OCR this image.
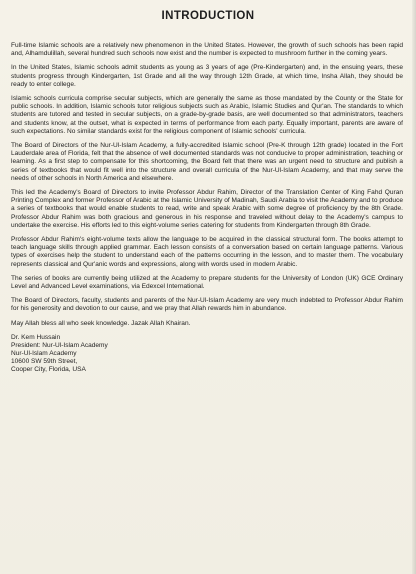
INTRODUCTION

Full-time Islamic schools are a relatively new phenomenon in the United States. However, the growth of such schools has been rapid and, Alhamdulillah, several hundred such schools now exist and the number is expected to mushroom further in the coming years.

In the United States, Islamic schools admit students as young as 3 years of age (Pre-Kindergarten) and, in the ensuing years, these students progress through Kindergarten, 1st Grade and all the way through 12th Grade, at which time, Insha Allah, they should be ready to enter college.

Islamic schools curricula comprise secular subjects, which are generally the same as those mandated by the County or the State for public schools. In addition, Islamic schools tutor religious subjects such as Arabic, Islamic Studies and Qur'an. The standards to which students are tutored and tested in secular subjects, on a grade-by-grade basis, are well documented so that administrators, teachers and students know, at the outset, what is expected in terms of performance from each party. Equally important, parents are aware of such expectations. No similar standards exist for the religious component of Islamic schools' curricula.

The Board of Directors of the Nur-Ul-Islam Academy, a fully-accredited Islamic school (Pre-K through 12th grade) located in the Fort Lauderdale area of Florida, felt that the absence of well documented standards was not conducive to proper administration, teaching or learning. As a first step to compensate for this shortcoming, the Board felt that there was an urgent need to structure and publish a series of textbooks that would fit well into the structure and overall curricula of the Nur-Ul-Islam Academy, and that may serve the needs of other schools in North America and elsewhere.

This led the Academy's Board of Directors to invite Professor Abdur Rahim, Director of the Translation Center of King Fahd Quran Printing Complex and former Professor of Arabic at the Islamic University of Madinah, Saudi Arabia to visit the Academy and to produce a series of textbooks that would enable students to read, write and speak Arabic with some degree of proficiency by the 8th Grade. Professor Abdur Rahim was both gracious and generous in his response and traveled without delay to the Academy's campus to undertake the exercise. His efforts led to this eight-volume series catering for students from Kindergarten through 8th Grade.

Professor Abdur Rahim's eight-volume texts allow the language to be acquired in the classical structural form. The books attempt to teach language skills through applied grammar. Each lesson consists of a conversation based on certain language patterns. Various types of exercises help the student to understand each of the patterns occurring in the lesson, and to master them. The vocabulary represents classical and Qur'anic words and expressions, along with words used in modern Arabic.

The series of books are currently being utilized at the Academy to prepare students for the University of London (UK) GCE Ordinary Level and Advanced Level examinations, via Edexcel International.

The Board of Directors, faculty, students and parents of the Nur-Ul-Islam Academy are very much indebted to Professor Abdur Rahim for his generosity and devotion to our cause, and we pray that Allah rewards him in abundance.

May Allah bless all who seek knowledge. Jazak Allah Khairan.

Dr. Kem Hussain
President: Nur-Ul-Islam Academy
Nur-Ul-Islam Academy
10600 SW 59th Street,
Cooper City, Florida, USA
